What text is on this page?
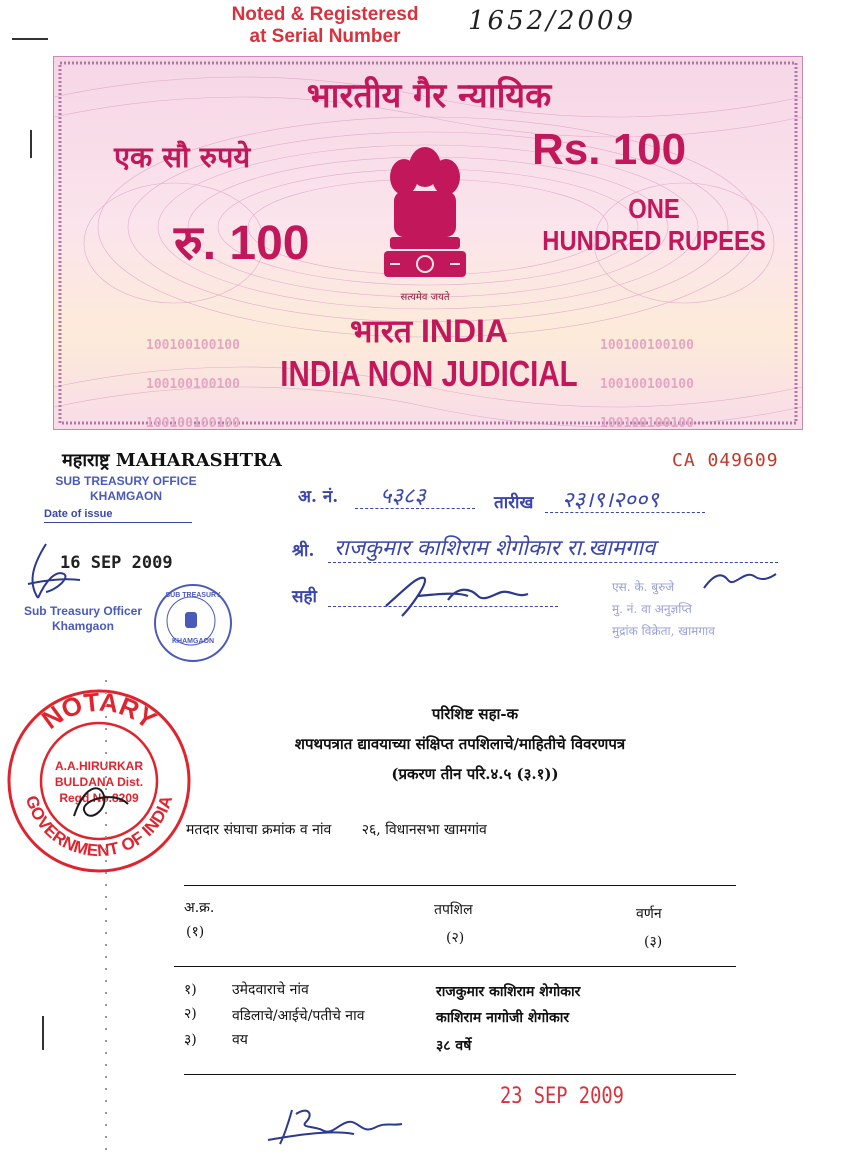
Noted & Registeresd
at Serial Number
1652/2009
भारतीय गैर न्यायिक
एक सौ रुपये	Rs. 100
रु. 100
ONE
HUNDRED RUPEES
सत्यमेव जयते

100100100100

100100100100

100100100100

100100100100

100100100100

100100100100

भारत INDIA
INDIA NON JUDICIAL
महाराष्ट्र MAHARASHTRA	CA 049609
SUB TREASURY OFFICE
KHAMGAON
Date of issue
16 SEP 2009
Sub Treasury Officer
Khamgaon
SUB TREASURY
KHAMGAON
अ. नं. ५३८३	तारीख २३।९।२००९
श्री. राजकुमार काशिराम शेगोकार रा.खामगाव
सही	एस. के. बुरुजे
मु. नं. वा अनुज्ञप्ति
मुद्रांक विक्रेता, खामगाव
NOTARY
GOVERNMENT OF INDIA
A.A.HIRURKAR
BULDANA Dist.
Regd.No.8209
परिशिष्ट सहा-क
शपथपत्रात द्यावयाच्या संक्षिप्त तपशिलाचे/माहितीचे विवरणपत्र
(प्रकरण तीन परि.४.५ (३.१))
मतदार संघाचा क्रमांक व नांव २६, विधानसभा खामगांव
अ.क्र.	तपशिल	वर्णन
(१)	(२)	(३)
१)	उमेदवाराचे नांव	राजकुमार काशिराम शेगोकार
२)	वडिलाचे/आईचे/पतीचे नाव	काशिराम नागोजी शेगोकार
३)	वय	३८ वर्षे
23 SEP 2009
